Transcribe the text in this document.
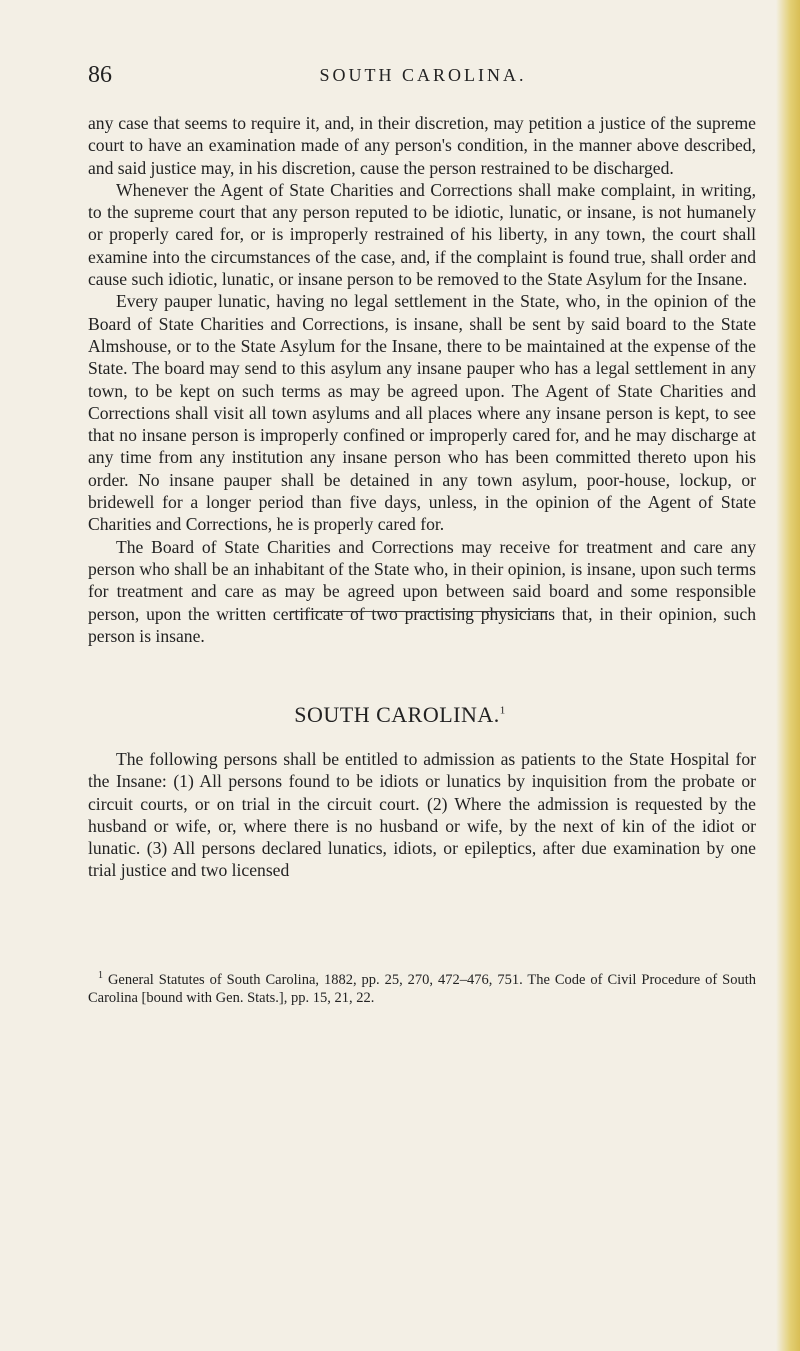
86	SOUTH CAROLINA.

any case that seems to require it, and, in their discretion, may petition a justice of the supreme court to have an examination made of any person's condition, in the manner above described, and said justice may, in his discretion, cause the person restrained to be discharged.

Whenever the Agent of State Charities and Corrections shall make complaint, in writing, to the supreme court that any person reputed to be idiotic, lunatic, or insane, is not humanely or properly cared for, or is improperly restrained of his liberty, in any town, the court shall examine into the circumstances of the case, and, if the complaint is found true, shall order and cause such idiotic, lunatic, or insane person to be removed to the State Asylum for the Insane.

Every pauper lunatic, having no legal settlement in the State, who, in the opinion of the Board of State Charities and Corrections, is insane, shall be sent by said board to the State Almshouse, or to the State Asylum for the Insane, there to be maintained at the expense of the State. The board may send to this asylum any insane pauper who has a legal settlement in any town, to be kept on such terms as may be agreed upon. The Agent of State Charities and Corrections shall visit all town asylums and all places where any insane person is kept, to see that no insane person is improperly confined or improperly cared for, and he may discharge at any time from any institution any insane person who has been committed thereto upon his order. No insane pauper shall be detained in any town asylum, poor-house, lockup, or bridewell for a longer period than five days, unless, in the opinion of the Agent of State Charities and Corrections, he is properly cared for.

The Board of State Charities and Corrections may receive for treatment and care any person who shall be an inhabitant of the State who, in their opinion, is insane, upon such terms for treatment and care as may be agreed upon between said board and some responsible person, upon the written certificate of two practising physicians that, in their opinion, such person is insane.

SOUTH CAROLINA.$^1$

The following persons shall be entitled to admission as patients to the State Hospital for the Insane: (1) All persons found to be idiots or lunatics by inquisition from the probate or circuit courts, or on trial in the circuit court. (2) Where the admission is requested by the husband or wife, or, where there is no husband or wife, by the next of kin of the idiot or lunatic. (3) All persons declared lunatics, idiots, or epileptics, after due examination by one trial justice and two licensed

$^1$ General Statutes of South Carolina, 1882, pp. 25, 270, 472–476, 751. The Code of Civil Procedure of South Carolina [bound with Gen. Stats.], pp. 15, 21, 22.
